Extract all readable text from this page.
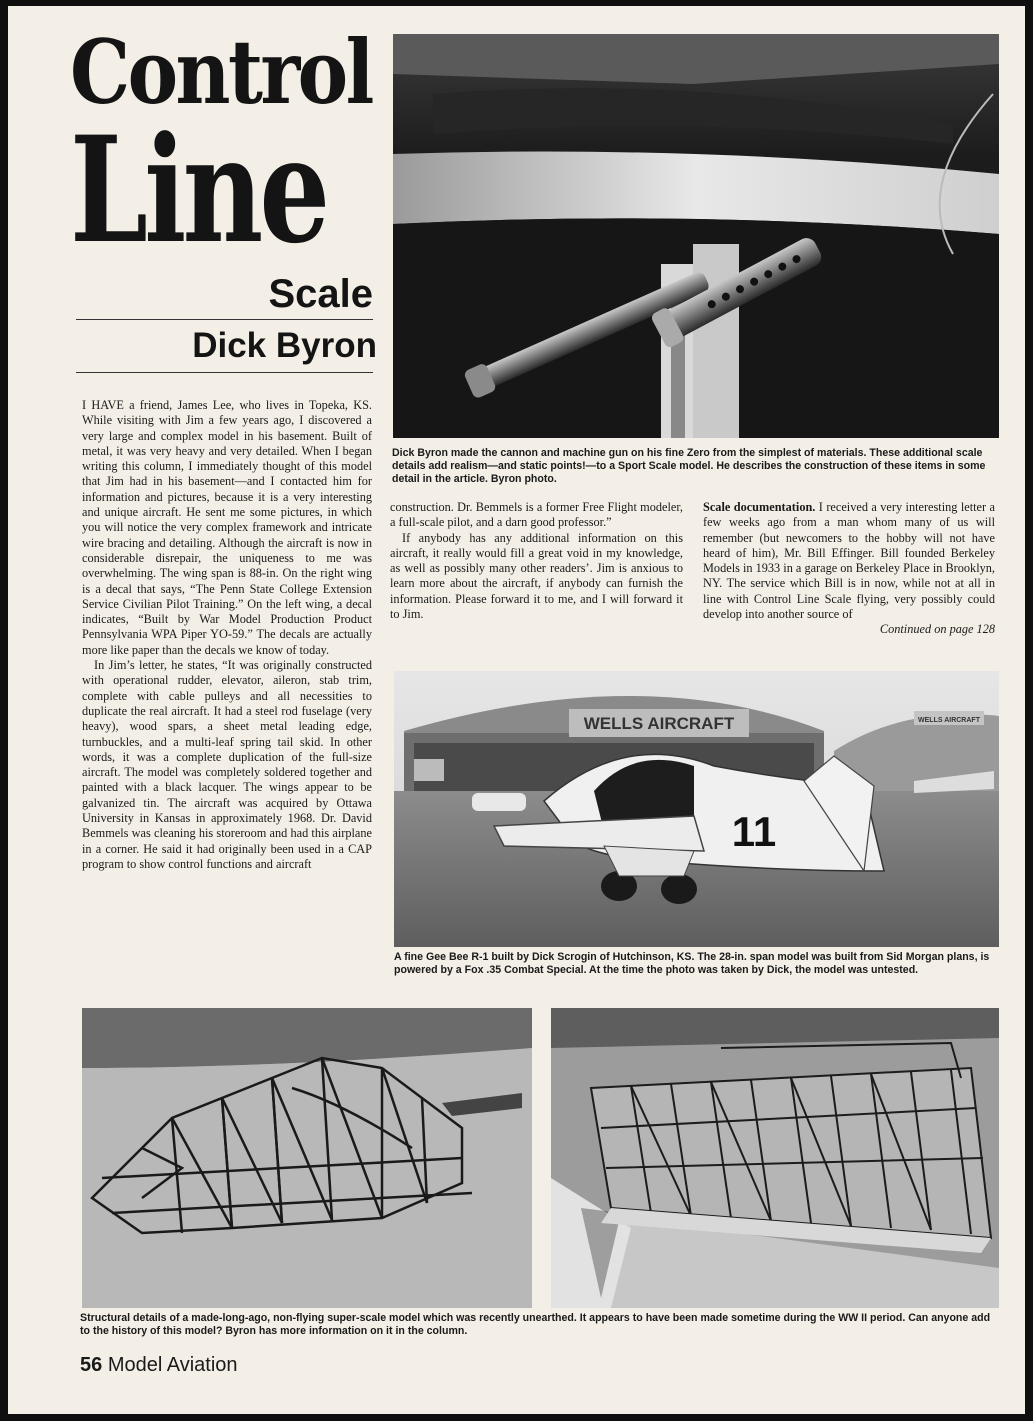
Control
Line
Scale
Dick Byron

Dick Byron made the cannon and machine gun on his fine Zero from the simplest of materials. These additional scale details add realism—and static points!—to a Sport Scale model. He describes the construction of these items in some detail in the article. Byron photo.

I HAVE a friend, James Lee, who lives in Topeka, KS. While visiting with Jim a few years ago, I discovered a very large and complex model in his basement. Built of metal, it was very heavy and very detailed. When I began writing this column, I immediately thought of this model that Jim had in his basement—and I contacted him for information and pictures, because it is a very interesting and unique aircraft. He sent me some pictures, in which you will notice the very complex framework and intricate wire bracing and detailing. Although the aircraft is now in considerable disrepair, the uniqueness to me was overwhelming. The wing span is 88-in. On the right wing is a decal that says, “The Penn State College Extension Service Civilian Pilot Training.” On the left wing, a decal indicates, “Built by War Model Production Product Pennsylvania WPA Piper YO-59.” The decals are actually more like paper than the decals we know of today.

In Jim’s letter, he states, “It was originally constructed with operational rudder, elevator, aileron, stab trim, complete with cable pulleys and all necessities to duplicate the real aircraft. It had a steel rod fuselage (very heavy), wood spars, a sheet metal leading edge, turnbuckles, and a multi-leaf spring tail skid. In other words, it was a complete duplication of the full-size aircraft. The model was completely soldered together and painted with a black lacquer. The wings appear to be galvanized tin. The aircraft was acquired by Ottawa University in Kansas in approximately 1968. Dr. David Bemmels was cleaning his storeroom and had this airplane in a corner. He said it had originally been used in a CAP program to show control functions and aircraft

construction. Dr. Bemmels is a former Free Flight modeler, a full-scale pilot, and a darn good professor.”

If anybody has any additional information on this aircraft, it really would fill a great void in my knowledge, as well as possibly many other readers’. Jim is anxious to learn more about the aircraft, if anybody can furnish the information. Please forward it to me, and I will forward it to Jim.

Scale documentation. I received a very interesting letter a few weeks ago from a man whom many of us will remember (but newcomers to the hobby will not have heard of him), Mr. Bill Effinger. Bill founded Berkeley Models in 1933 in a garage on Berkeley Place in Brooklyn, NY. The service which Bill is in now, while not at all in line with Control Line Scale flying, very possibly could develop into another source of

Continued on page 128

WELLS AIRCRAFT	WELLS AIRCRAFT
11

A fine Gee Bee R-1 built by Dick Scrogin of Hutchinson, KS. The 28-in. span model was built from Sid Morgan plans, is powered by a Fox .35 Combat Special. At the time the photo was taken by Dick, the model was untested.

Structural details of a made-long-ago, non-flying super-scale model which was recently unearthed. It appears to have been made sometime during the WW II period. Can anyone add to the history of this model? Byron has more information on it in the column.

56 Model Aviation
